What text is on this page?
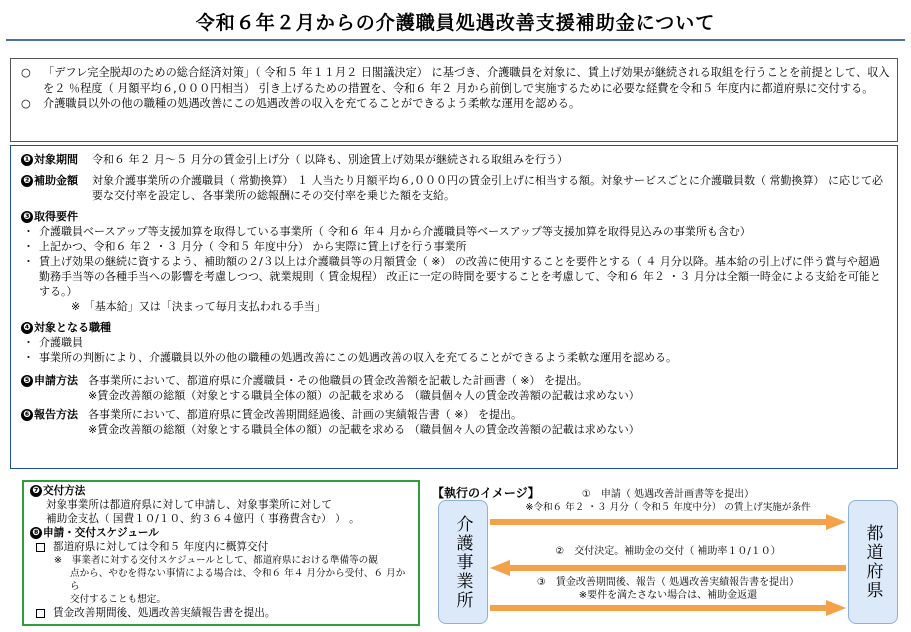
令和６年２月からの介護職員処遇改善支援補助金について
○	「デフレ完全脱却のための総合経済対策」（ 令和５ 年１１月２ 日閣議決定） に基づき、介護職員を対象に、賃上げ効果が継続される取組を行うことを前提として、収入を２ ％程度（ 月額平均６,０００円相当） 引き上げるための措置を、令和６ 年２ 月から前倒しで実施するために必要な経費を令和５ 年度内に都道府県に交付する。
○	介護職員以外の他の職種の処遇改善にこの処遇改善の収入を充てることができるよう柔軟な運用を認める。
❶ 対象期間 令和６ 年２ 月～５ 月分の賃金引上げ分（ 以降も、別途賃上げ効果が継続される取組みを行う）
❷ 補助金額 対象介護事業所の介護職員（ 常勤換算） １ 人当たり月額平均６,０００円の賃金引上げに相当する額。対象サービスごとに介護職員数（ 常勤換算） に応じて必要な交付率を設定し、各事業所の総報酬にその交付率を乗じた額を支給。
❸ 取得要件
・ 介護職員ベースアップ等支援加算を取得している事業所（ 令和６ 年４ 月から介護職員等ベースアップ等支援加算を取得見込みの事業所も含む）
・ 上記かつ、令和６ 年２ ・３ 月分（ 令和５ 年度中分） から実際に賃上げを行う事業所
・ 賃上げ効果の継続に資するよう、補助額の２/３以上は介護職員等の月額賃金（ ※） の改善に使用することを要件とする（ ４ 月分以降。基本給の引上げに伴う賞与や超過勤務手当等の各種手当への影響を考慮しつつ、就業規則（ 賃金規程） 改正に一定の時間を要することを考慮して、令和６ 年２ ・３ 月分は全額一時金による支給を可能とする。）
※ 「基本給」又は「決まって毎月支払われる手当」
❹ 対象となる職種
・ 介護職員
・ 事業所の判断により、介護職員以外の他の職種の処遇改善にこの処遇改善の収入を充てることができるよう柔軟な運用を認める。
❺ 申請方法 各事業所において、都道府県に介護職員・その他職員の賃金改善額を記載した計画書（ ※） を提出。
※賃金改善額の総額（対象とする職員全体の額）の記載を求める （職員個々人の賃金改善額の記載は求めない）
❻ 報告方法 各事業所において、都道府県に賃金改善期間経過後、計画の実績報告書（ ※） を提出。
※賃金改善額の総額（対象とする職員全体の額）の記載を求める （職員個々人の賃金改善額の記載は求めない）
❼ 交付方法
対象事業所は都道府県に対して申請し、対象事業所に対して
補助金支払（ 国費１０/１０、約３６４億円（ 事務費含む） ） 。
❽ 申請・交付スケジュール
都道府県に対しては令和５ 年度内に概算交付
※　事業者に対する交付スケジュールとして、都道府県における準備等の観
点から、やむを得ない事情による場合は、令和６ 年４ 月分から受付、６ 月から
交付することも想定。
賃金改善期間後、処遇改善実績報告書を提出。
【執行のイメージ】
介護事業所	都道府県
①　申請（ 処遇改善計画書等を提出）
※令和６ 年２ ・３ 月分（ 令和５ 年度中分） の賃上げ実施が条件
②　交付決定。補助金の交付（ 補助率１０/１０）
③　賃金改善期間後、報告（ 処遇改善実績報告書を提出）
※要件を満たさない場合は、補助金返還
